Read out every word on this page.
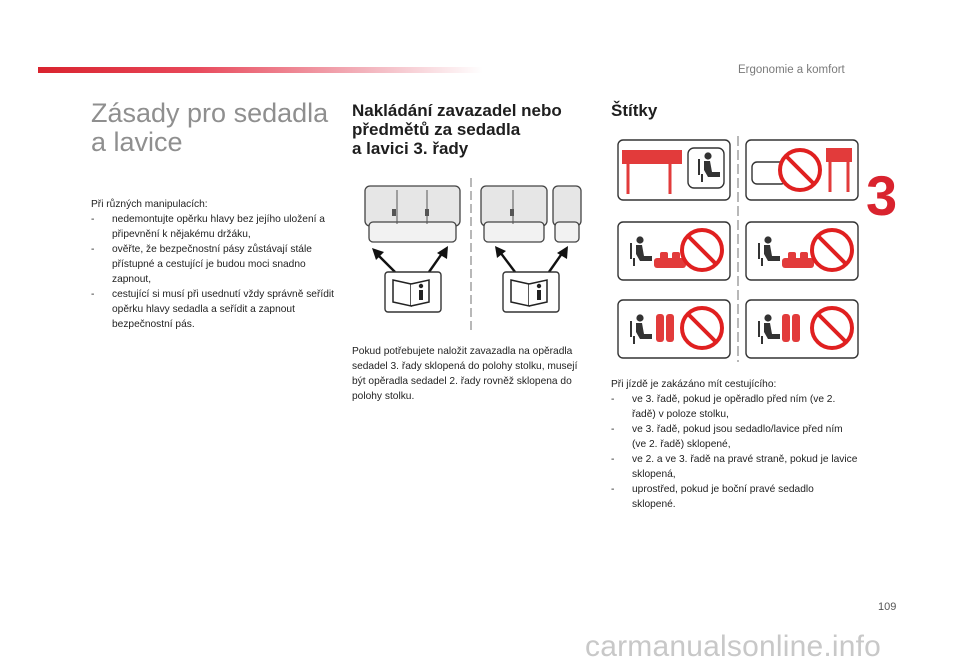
Ergonomie a komfort
3
Zásady pro sedadla
a lavice

Při různých manipulacích:

- nedemontujte opěrku hlavy bez jejího uložení a připevnění k nějakému držáku,
- ověřte, že bezpečnostní pásy zůstávají stále přístupné a cestující je budou moci snadno zapnout,
- cestující si musí při usednutí vždy správně seřídit opěrku hlavy sedadla a seřídit a zapnout bezpečnostní pás.
Nakládání zavazadel nebo
předmětů za sedadla
a lavici 3. řady

Pokud potřebujete naložit zavazadla na opěradla sedadel 3. řady sklopená do polohy stolku, musejí být opěradla sedadel 2. řady rovněž sklopena do polohy stolku.

Štítky

Při jízdě je zakázáno mít cestujícího:

- ve 3. řadě, pokud je opěradlo před ním (ve 2. řadě) v poloze stolku,
- ve 3. řadě, pokud jsou sedadlo/lavice před ním (ve 2. řadě) sklopené,
- ve 2. a ve 3. řadě na pravé straně, pokud je lavice sklopená,
- uprostřed, pokud je boční pravé sedadlo sklopené.
109
carmanualsonline.info
